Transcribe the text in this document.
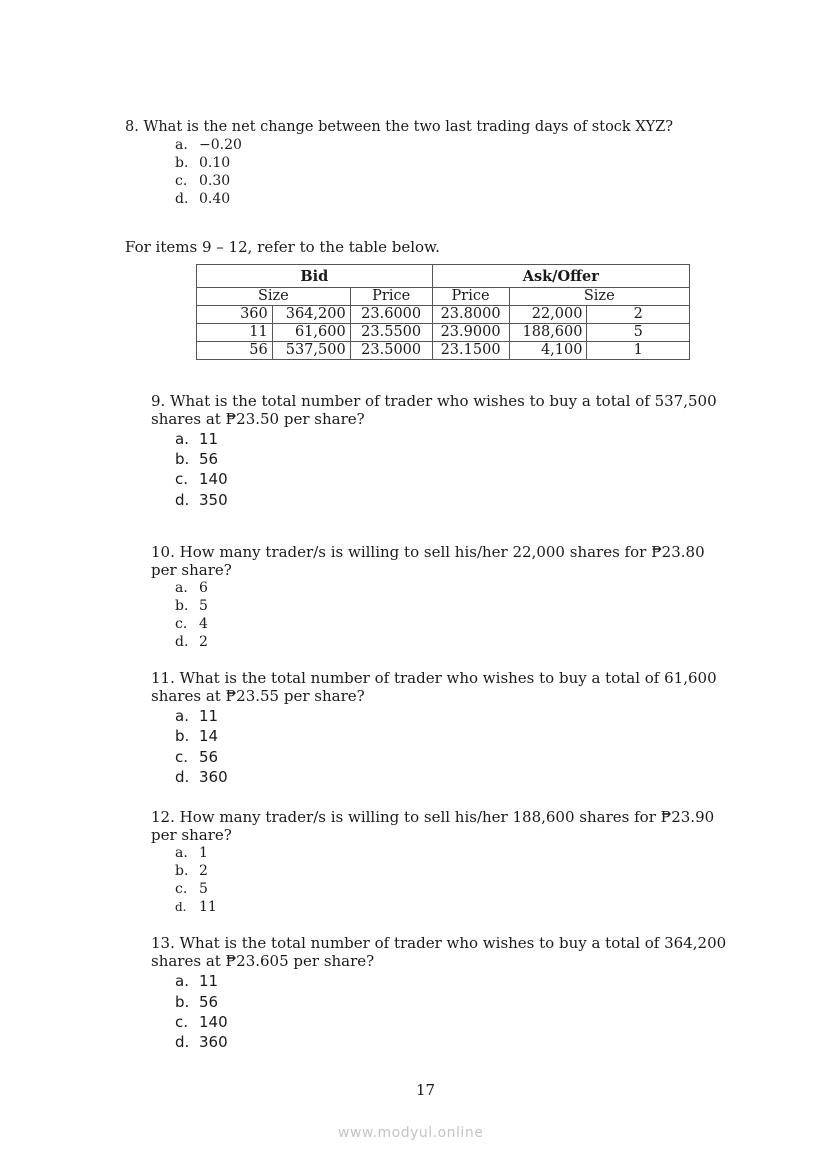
8. What is the net change between the two last trading days of stock XYZ?
a. −0.20
b. 0.10
c. 0.30
d. 0.40
For items 9 – 12, refer to the table below.
Bid			Ask/Offer		
Size		Price	Price	Size	
360	364,200	23.6000	23.8000	22,000	2
11	61,600	23.5500	23.9000	188,600	5
56	537,500	23.5000	23.1500	4,100	1
9. What is the total number of trader who wishes to buy a total of 537,500
shares at ₱23.50 per share?
a. 11
b. 56
c. 140
d. 350
10. How many trader/s is willing to sell his/her 22,000 shares for ₱23.80
per share?
a. 6
b. 5
c. 4
d. 2
11. What is the total number of trader who wishes to buy a total of 61,600
shares at ₱23.55 per share?
a. 11
b. 14
c. 56
d. 360
12. How many trader/s is willing to sell his/her 188,600 shares for ₱23.90
per share?
a. 1
b. 2
c. 5
d. 11
13. What is the total number of trader who wishes to buy a total of 364,200
shares at ₱23.605 per share?
a. 11
b. 56
c. 140
d. 360
17
www.modyul.online
